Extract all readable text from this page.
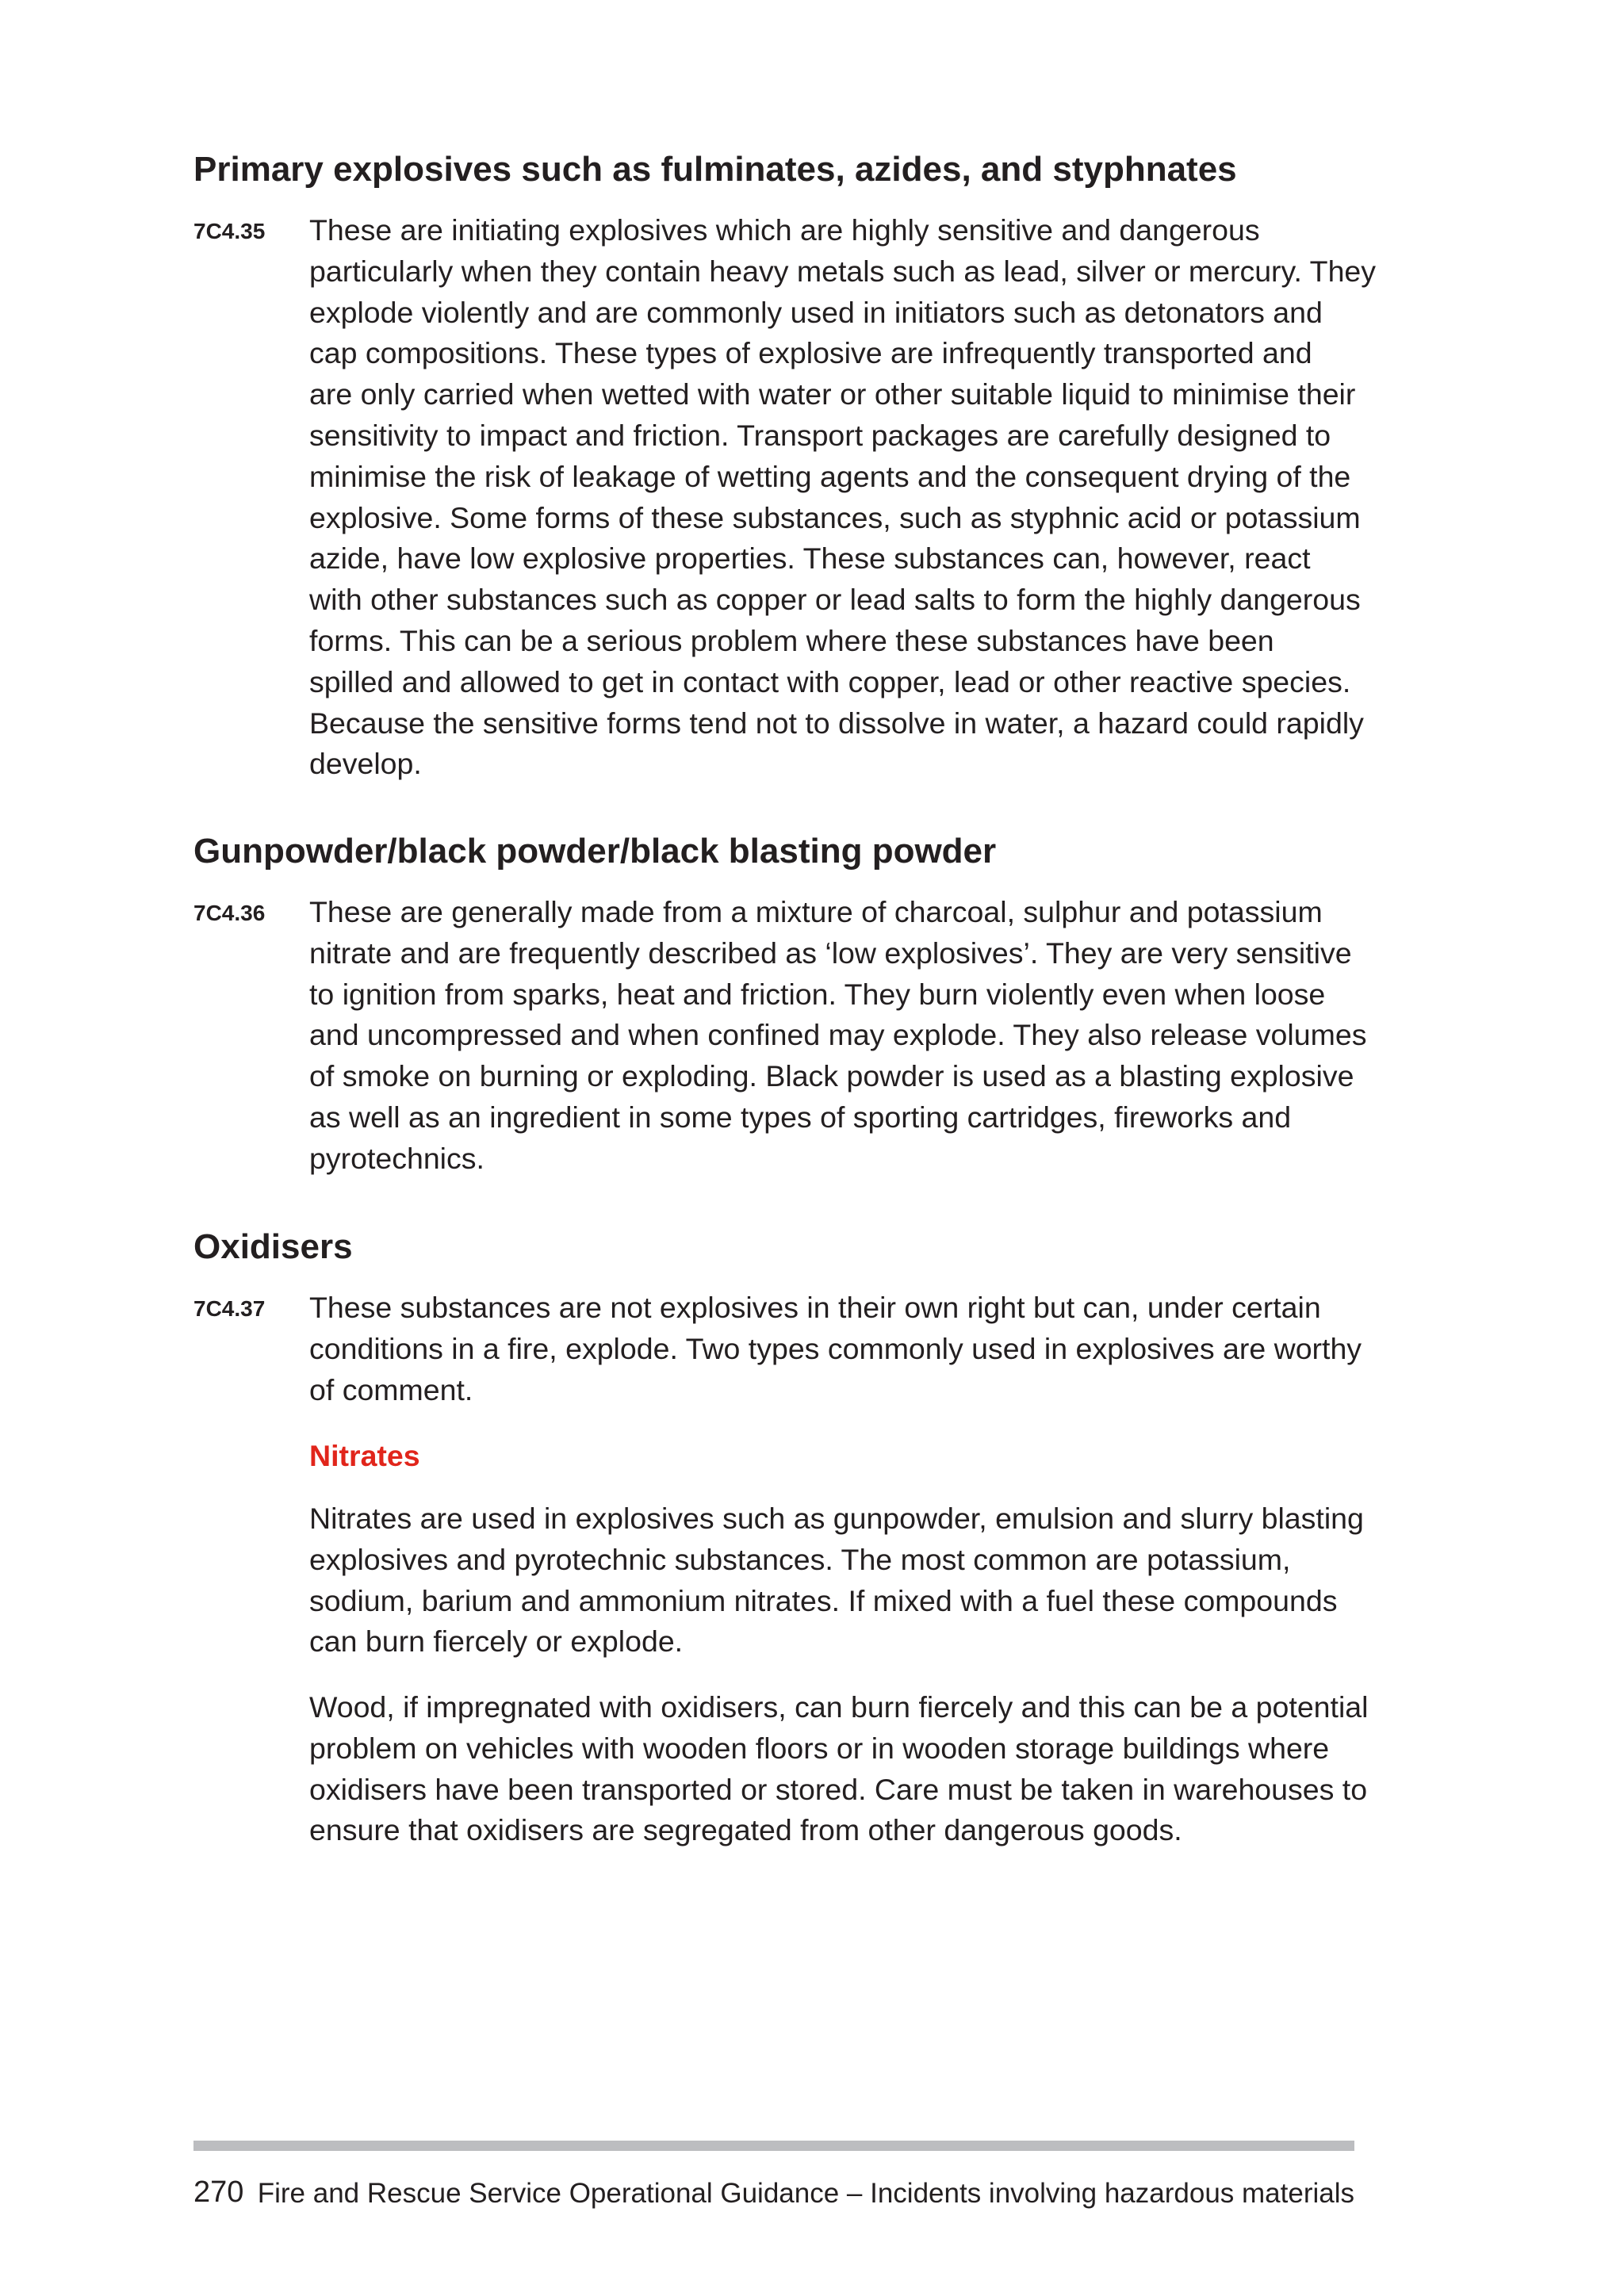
Primary explosives such as fulminates, azides, and styphnates
7C4.35 These are initiating explosives which are highly sensitive and dangerous
particularly when they contain heavy metals such as lead, silver or mercury. They
explode violently and are commonly used in initiators such as detonators and
cap compositions. These types of explosive are infrequently transported and
are only carried when wetted with water or other suitable liquid to minimise their
sensitivity to impact and friction. Transport packages are carefully designed to
minimise the risk of leakage of wetting agents and the consequent drying of the
explosive. Some forms of these substances, such as styphnic acid or potassium
azide, have low explosive properties. These substances can, however, react
with other substances such as copper or lead salts to form the highly dangerous
forms. This can be a serious problem where these substances have been
spilled and allowed to get in contact with copper, lead or other reactive species.
Because the sensitive forms tend not to dissolve in water, a hazard could rapidly
develop.

Gunpowder/black powder/black blasting powder
7C4.36 These are generally made from a mixture of charcoal, sulphur and potassium
nitrate and are frequently described as ‘low explosives’. They are very sensitive
to ignition from sparks, heat and friction. They burn violently even when loose
and uncompressed and when confined may explode. They also release volumes
of smoke on burning or exploding. Black powder is used as a blasting explosive
as well as an ingredient in some types of sporting cartridges, fireworks and
pyrotechnics.

Oxidisers
7C4.37 These substances are not explosives in their own right but can, under certain
conditions in a fire, explode. Two types commonly used in explosives are worthy
of comment.

Nitrates

Nitrates are used in explosives such as gunpowder, emulsion and slurry blasting
explosives and pyrotechnic substances. The most common are potassium,
sodium, barium and ammonium nitrates. If mixed with a fuel these compounds
can burn fiercely or explode.

Wood, if impregnated with oxidisers, can burn fiercely and this can be a potential
problem on vehicles with wooden floors or in wooden storage buildings where
oxidisers have been transported or stored. Care must be taken in warehouses to
ensure that oxidisers are segregated from other dangerous goods.

270 Fire and Rescue Service Operational Guidance – Incidents involving hazardous materials
